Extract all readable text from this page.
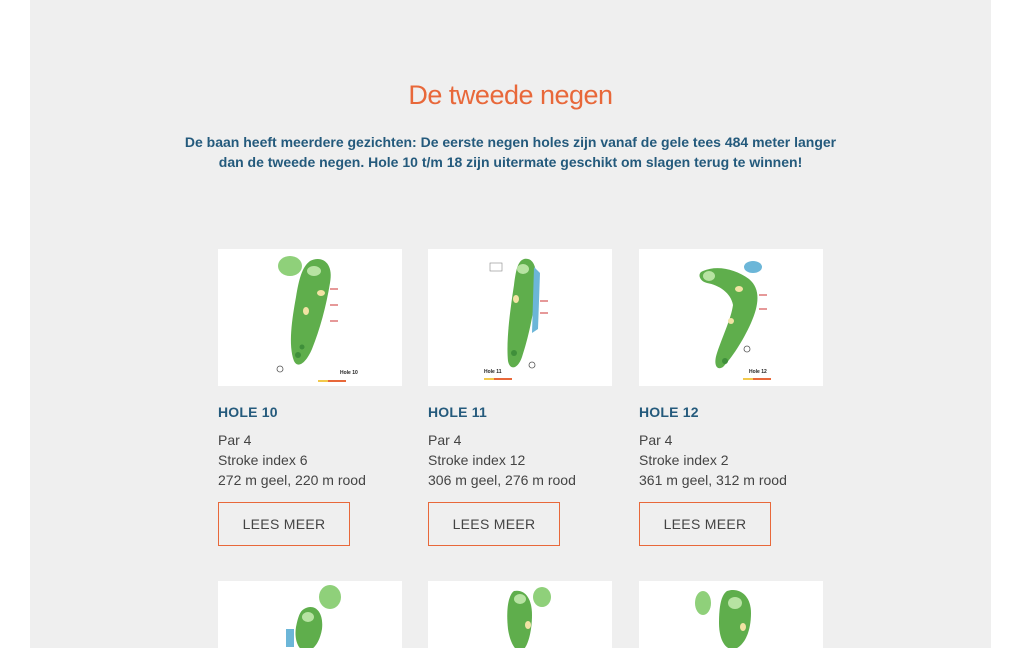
De tweede negen

De baan heeft meerdere gezichten: De eerste negen holes zijn vanaf de gele tees 484 meter langer
dan de tweede negen. Hole 10 t/m 18 zijn uitermate geschikt om slagen terug te winnen!

Hole 10
HOLE 10
Par 4
Stroke index 6
272 m geel, 220 m rood
LEES MEER
Hole 11
HOLE 11
Par 4
Stroke index 12
306 m geel, 276 m rood
LEES MEER
Hole 12
HOLE 12
Par 4
Stroke index 2
361 m geel, 312 m rood
LEES MEER
